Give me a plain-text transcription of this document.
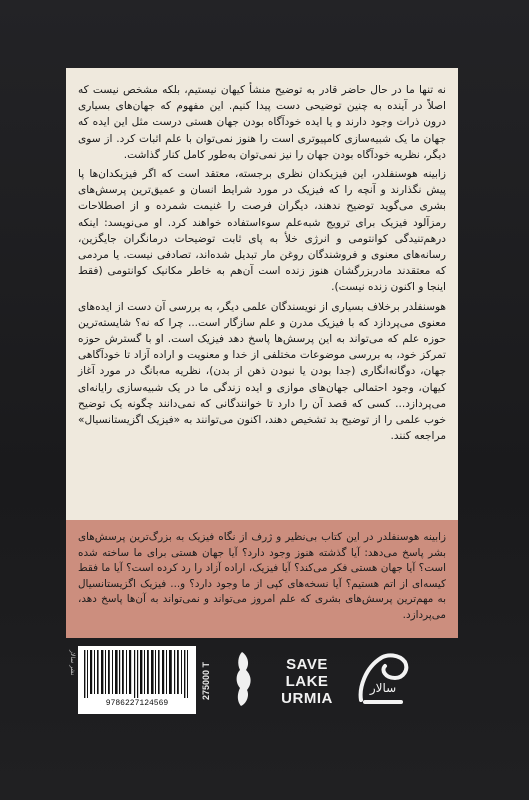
نه تنها ما در حال حاضر قادر به توضیح منشأ کیهان نیستیم، بلکه مشخص نیست که اصلاً در آینده به چنین توضیحی دست پیدا کنیم. این مفهوم که جهان‌های بسیاری درون ذرات وجود دارند و یا ایده خودآگاه بودن جهان هستی درست مثل این ایده که جهان ما یک شبیه‌سازی کامپیوتری است را هنوز نمی‌توان با علم اثبات کرد. از سوی دیگر، نظریه خودآگاه بودن جهان را نیز نمی‌توان به‌طور کامل کنار گذاشت.

زابینه هوسنفلدر، این فیزیکدان نظری برجسته، معتقد است که اگر فیزیکدان‌ها پا پیش نگذارند و آنچه را که فیزیک در مورد شرایط انسان و عمیق‌ترین پرسش‌های بشری می‌گوید توضیح ندهند، دیگران فرصت را غنیمت شمرده و از اصطلاحات رمزآلود فیزیک برای ترویج شبه‌علم سوءاستفاده خواهند کرد. او می‌نویسد: اینکه درهم‌تنیدگی کوانتومی و انرژی خلأ به پای ثابت توضیحات درمانگران جایگزین، رسانه‌های معنوی و فروشندگان روغن مار تبدیل شده‌اند، تصادفی نیست. یا مردمی که معتقدند مادربزرگشان هنوز زنده است آن‌هم به خاطر مکانیک کوانتومی (فقط اینجا و اکنون زنده نیست).

هوسنفلدر برخلاف بسیاری از نویسندگان علمی دیگر، به بررسی آن دست از ایده‌های معنوی می‌پردازد که با فیزیک مدرن و علم سازگار است... چرا که نه؟ شایسته‌ترین حوزه علم که می‌تواند به این پرسش‌ها پاسخ دهد فیزیک است. او با گسترش حوزه تمرکز خود، به بررسی موضوعات مختلفی از خدا و معنویت و اراده آزاد تا خودآگاهی جهان، دوگانه‌انگاری (جدا بودن یا نبودن ذهن از بدن)، نظریه مه‌بانگ در مورد آغاز کیهان، وجود احتمالی جهان‌های موازی و ایده زندگی ما در یک شبیه‌سازی رایانه‌ای می‌پردازد... کسی که قصد آن را دارد تا خوانندگانی که نمی‌دانند چگونه یک توضیح خوب علمی را از توضیح بد تشخیص دهند، اکنون می‌توانند به «فیزیک اگزیستانسیال» مراجعه کنند.

زابینه هوسنفلدر در این کتاب بی‌نظیر و ژرف از نگاه فیزیک به بزرگ‌ترین پرسش‌های بشر پاسخ می‌دهد: آیا گذشته هنوز وجود دارد؟ آیا جهان هستی برای ما ساخته شده است؟ آیا جهان هستی فکر می‌کند؟ آیا فیزیک، اراده آزاد را رد کرده است؟ آیا ما فقط کیسه‌ای از اتم هستیم؟ آیا نسخه‌های کپی از ما وجود دارد؟ و... فیزیک اگزیستانسیال به مهم‌ترین پرسش‌های بشری که علم امروز می‌تواند و نمی‌تواند به آن‌ها پاسخ دهد، می‌پردازد.

سالار
SAVE
LAKE URMIA
275000 T
9786227124569
نشر سالار
